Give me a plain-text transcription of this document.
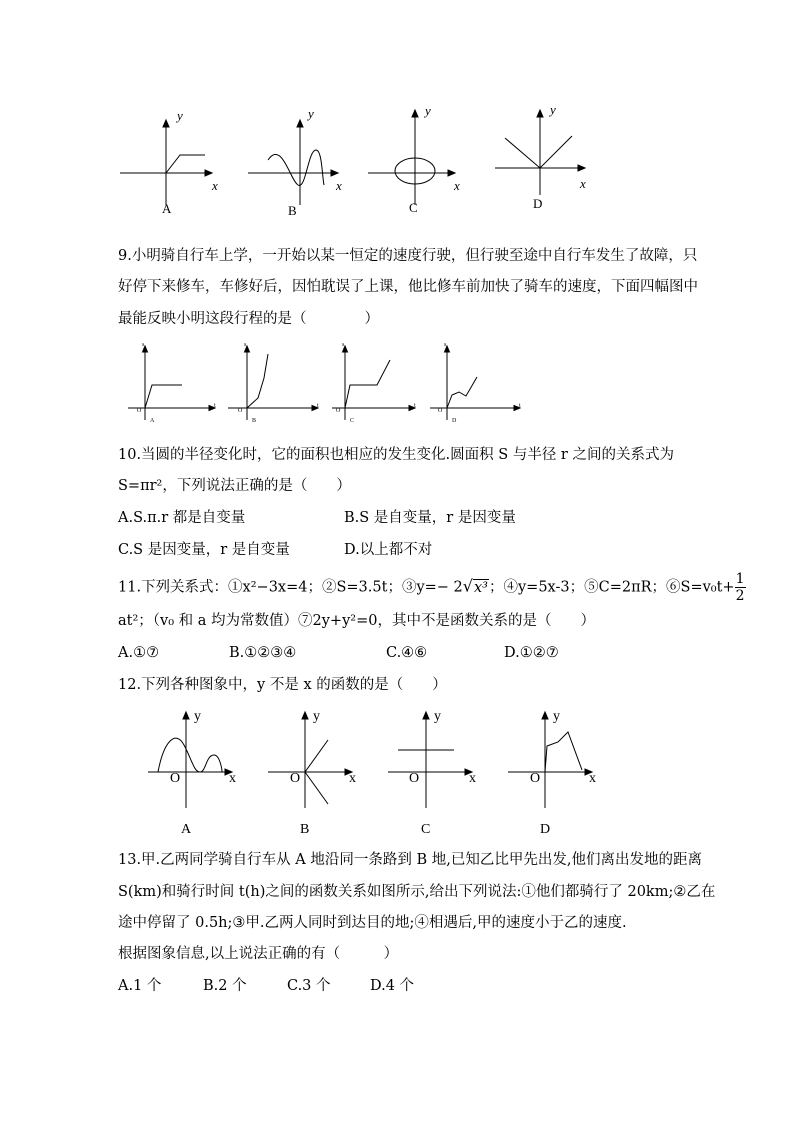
y
x
y
x
y
x
y
x
A	B	C	D
9.小明骑自行车上学，一开始以某一恒定的速度行驶，但行驶至途中自行车发生了故障，只
好停下来修车，车修好后，因怕耽误了上课，他比修车前加快了骑车的速度，下面四幅图中
最能反映小明这段行程的是（　　　　）
s
t
O
A
s
t
O
B
s
t
O
C
s
t
O
D
10.当圆的半径变化时，它的面积也相应的发生变化.圆面积 S 与半径 r 之间的关系式为
S=πr²，下列说法正确的是（　　）
A.S.π.r 都是自变量	B.S 是自变量，r 是因变量
C.S 是因变量，r 是自变量	D.以上都不对
11.下列关系式：①x²−3x=4；②S=3.5t；③y=− 2√x³；④y=5x-3；⑤C=2πR；⑥S=v₀t+ $\frac{1}{2}$
at²；（v₀ 和 a 均为常数值）⑦2y+y²=0，其中不是函数关系的是（　　）
A.①⑦	B.①②③④	C.④⑥	D.①②⑦
12.下列各种图象中，y 不是 x 的函数的是（　　）
y
x
O
y
x
O
y
x
O
y
x
O
A	B	C	D
13.甲.乙两同学骑自行车从 A 地沿同一条路到 B 地,已知乙比甲先出发,他们离出发地的距离
S(km)和骑行时间 t(h)之间的函数关系如图所示,给出下列说法:①他们都骑行了 20km;②乙在
途中停留了 0.5h;③甲.乙两人同时到达目的地;④相遇后,甲的速度小于乙的速度.
根据图象信息,以上说法正确的有（　　　）
A.1 个	B.2 个	C.3 个	D.4 个
